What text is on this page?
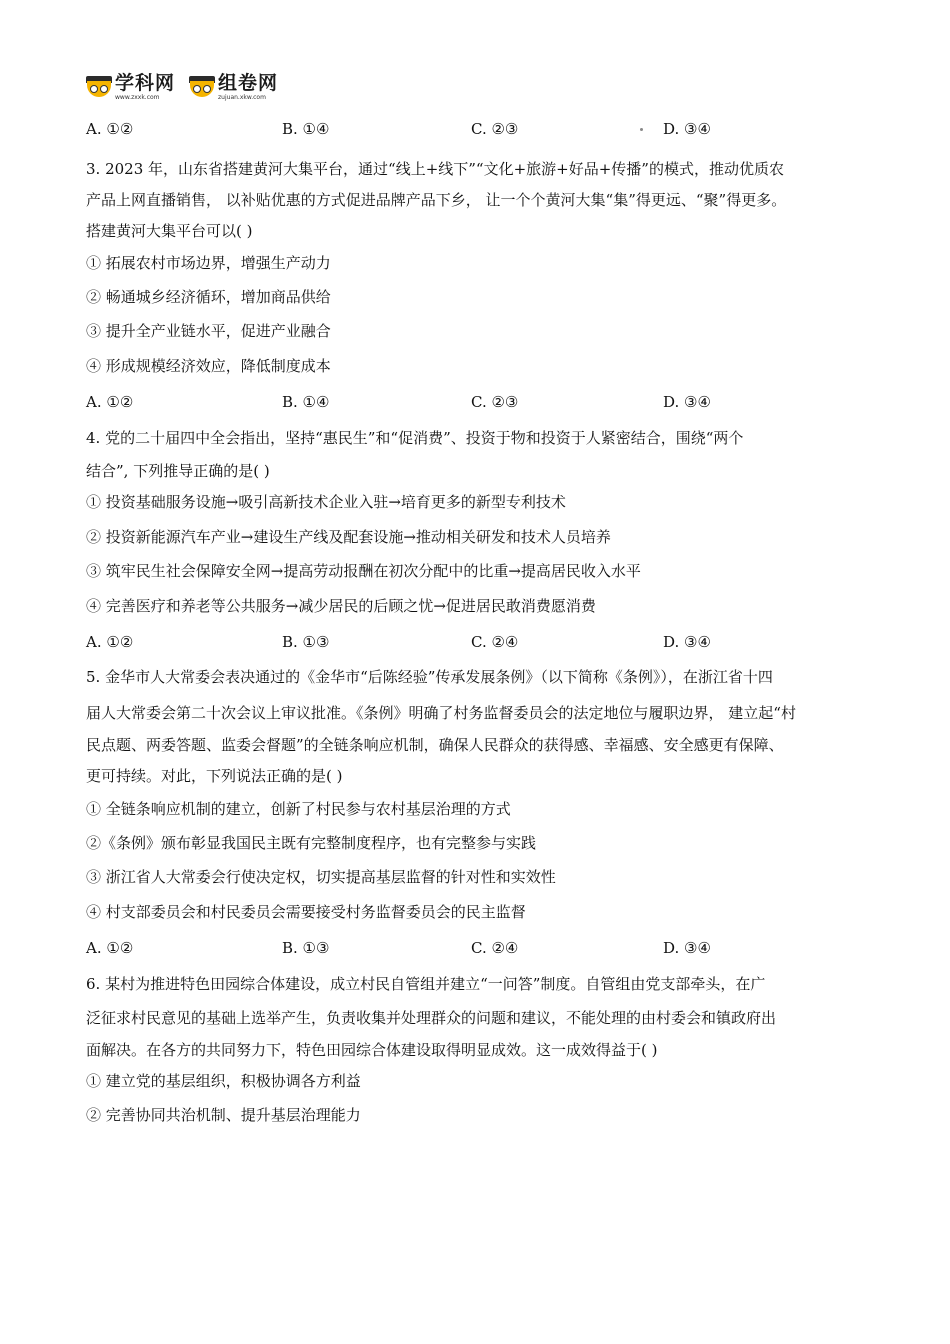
学科网
www.zxxk.com
组卷网
zujuan.xkw.com
A. ①②	B. ①④	C. ②③	D. ③④
3. 2023 年，山东省搭建黄河大集平台，通过“线上+线下”“文化+旅游+好品+传播”的模式，推动优质农
产品上网直播销售， 以补贴优惠的方式促进品牌产品下乡， 让一个个黄河大集“集”得更远、“聚”得更多。
搭建黄河大集平台可以( )
① 拓展农村市场边界，增强生产动力
② 畅通城乡经济循环，增加商品供给
③ 提升全产业链水平，促进产业融合
④ 形成规模经济效应，降低制度成本
A. ①②	B. ①④	C. ②③	D. ③④
4. 党的二十届四中全会指出，坚持“惠民生”和“促消费”、投资于物和投资于人紧密结合，围绕“两个
结合”, 下列推导正确的是( )
① 投资基础服务设施→吸引高新技术企业入驻→培育更多的新型专利技术
② 投资新能源汽车产业→建设生产线及配套设施→推动相关研发和技术人员培养
③ 筑牢民生社会保障安全网→提高劳动报酬在初次分配中的比重→提高居民收入水平
④ 完善医疗和养老等公共服务→减少居民的后顾之忧→促进居民敢消费愿消费
A. ①②	B. ①③	C. ②④	D. ③④
5. 金华市人大常委会表决通过的《金华市“后陈经验”传承发展条例》（以下简称《条例》），在浙江省十四
届人大常委会第二十次会议上审议批准。《条例》明确了村务监督委员会的法定地位与履职边界， 建立起“村
民点题、两委答题、监委会督题”的全链条响应机制，确保人民群众的获得感、幸福感、安全感更有保障、
更可持续。对此，下列说法正确的是( )
① 全链条响应机制的建立，创新了村民参与农村基层治理的方式
②《条例》颁布彰显我国民主既有完整制度程序，也有完整参与实践
③ 浙江省人大常委会行使决定权，切实提高基层监督的针对性和实效性
④ 村支部委员会和村民委员会需要接受村务监督委员会的民主监督
A. ①②	B. ①③	C. ②④	D. ③④
6. 某村为推进特色田园综合体建设，成立村民自管组并建立“一问答”制度。自管组由党支部牵头，在广
泛征求村民意见的基础上选举产生，负责收集并处理群众的问题和建议，不能处理的由村委会和镇政府出
面解决。在各方的共同努力下，特色田园综合体建设取得明显成效。这一成效得益于( )
① 建立党的基层组织，积极协调各方利益
② 完善协同共治机制、提升基层治理能力
